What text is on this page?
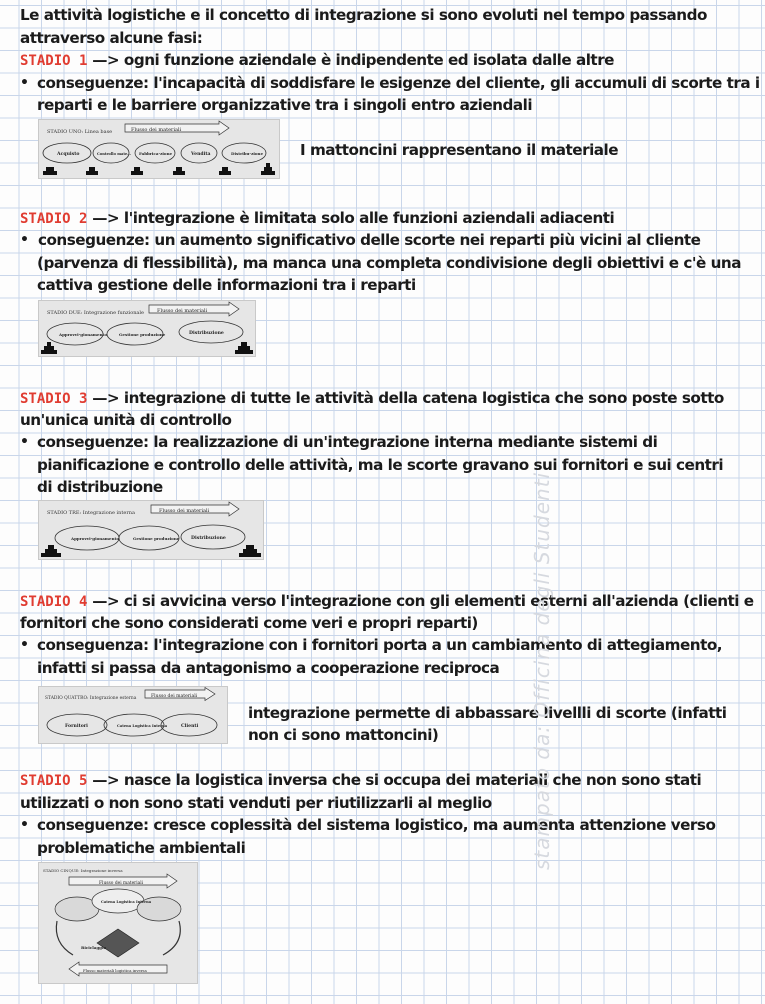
Le attività logistiche e il concetto di integrazione si sono evoluti nel tempo passando
attraverso alcune fasi:
STADIO 1 —> ogni funzione aziendale è indipendente ed isolata dalle altre
• conseguenze: l'incapacità di soddisfare le esigenze del cliente, gli accumuli di scorte tra i
reparti e le barriere organizzative tra i singoli entro aziendali
STADIO UNO: Linea base	Flusso dei materiali
Acquisto	Controllo mate... Fabbrica-zione	Vendita	Distribu-zione I mattoncini rappresentano il materiale
STADIO 2 —> l'integrazione è limitata solo alle funzioni aziendali adiacenti
• conseguenze: un aumento significativo delle scorte nei reparti più vicini al cliente
(parvenza di flessibilità), ma manca una completa condivisione degli obiettivi e c'è una
cattiva gestione delle informazioni tra i reparti
STADIO DUE: Integrazione funzionale	Flusso dei materiali
Approvvi-gionamento	Gestione produzione	Distribuzione
STADIO 3 —> integrazione di tutte le attività della catena logistica che sono poste sotto
un'unica unità di controllo
• conseguenze: la realizzazione di un'integrazione interna mediante sistemi di
pianificazione e controllo delle attività, ma le scorte gravano sui fornitori e sui centri
di distribuzione
STADIO TRE: Integrazione interna	Flusso dei materiali
Approvvi-gionamento	Gestione produzione	Distribuzione
STADIO 4 —> ci si avvicina verso l'integrazione con gli elementi esterni all'azienda (clienti e
fornitori che sono considerati come veri e propri reparti)
• conseguenza: l'integrazione con i fornitori porta a un cambiamento di attegiamento,
infatti si passa da antagonismo a cooperazione reciproca
STADIO QUATTRO: Integrazione esterna	Flusso dei materiali
Fornitori	Catena Logistica Interna	Clienti
integrazione permette di abbassare livellli di scorte (infatti
non ci sono mattoncini)
STADIO 5 —> nasce la logistica inversa che si occupa dei materiali che non sono stati
utilizzati o non sono stati venduti per riutilizzarli al meglio
• conseguenze: cresce coplessità del sistema logistico, ma aumenta attenzione verso
problematiche ambientali
STADIO CINQUE: Integrazione inversa
Flusso dei materiali
Catena Logistica Interna
Riciclaggio
Flusso materiali logistica inversa
stampato da: Officina degli Studenti
